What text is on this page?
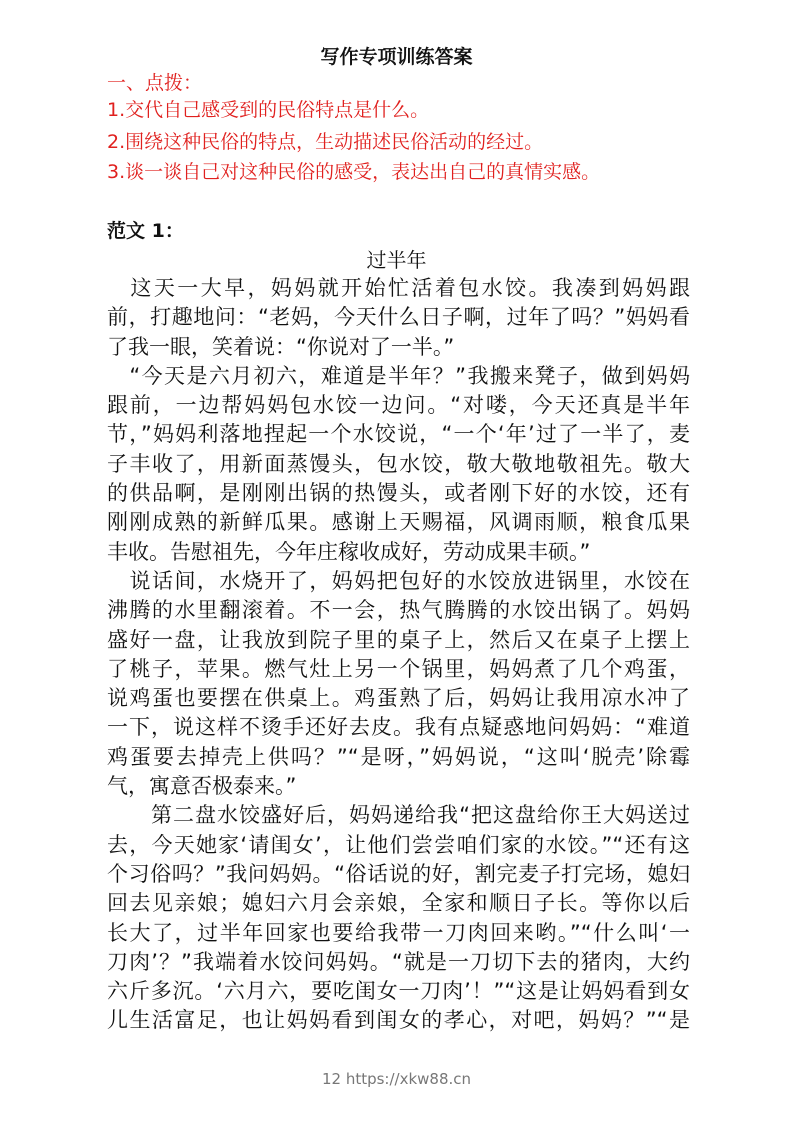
写作专项训练答案
一、点拨：
1.交代自己感受到的民俗特点是什么。
2.围绕这种民俗的特点，生动描述民俗活动的经过。
3.谈一谈自己对这种民俗的感受，表达出自己的真情实感。
范文 1：
过半年
　这天一大早，妈妈就开始忙活着包水饺。我凑到妈妈跟
前，打趣地问：“老妈，今天什么日子啊，过年了吗？”妈妈看
了我一眼，笑着说：“你说对了一半。”
　“今天是六月初六，难道是半年？”我搬来凳子，做到妈妈
跟前，一边帮妈妈包水饺一边问。“对喽，今天还真是半年
节，”妈妈利落地捏起一个水饺说，“一个‘年’过了一半了，麦
子丰收了，用新面蒸馒头，包水饺，敬大敬地敬祖先。敬大
的供品啊，是刚刚出锅的热馒头，或者刚下好的水饺，还有
刚刚成熟的新鲜瓜果。感谢上天赐福，风调雨顺，粮食瓜果
丰收。告慰祖先，今年庄稼收成好，劳动成果丰硕。”
　说话间，水烧开了，妈妈把包好的水饺放进锅里，水饺在
沸腾的水里翻滚着。不一会，热气腾腾的水饺出锅了。妈妈
盛好一盘，让我放到院子里的桌子上，然后又在桌子上摆上
了桃子，苹果。燃气灶上另一个锅里，妈妈煮了几个鸡蛋，
说鸡蛋也要摆在供桌上。鸡蛋熟了后，妈妈让我用凉水冲了
一下，说这样不烫手还好去皮。我有点疑惑地问妈妈：“难道
鸡蛋要去掉壳上供吗？”“是呀，”妈妈说，“这叫‘脱壳’除霉
气，寓意否极泰来。”
　　第二盘水饺盛好后，妈妈递给我“把这盘给你王大妈送过
去，今天她家‘请闺女’，让他们尝尝咱们家的水饺。”“还有这
个习俗吗？”我问妈妈。“俗话说的好，割完麦子打完场，媳妇
回去见亲娘；媳妇六月会亲娘，全家和顺日子长。等你以后
长大了，过半年回家也要给我带一刀肉回来哟。”“什么叫‘一
刀肉’？”我端着水饺问妈妈。“就是一刀切下去的猪肉，大约
六斤多沉。‘六月六，要吃闺女一刀肉’！”“这是让妈妈看到女
儿生活富足，也让妈妈看到闺女的孝心，对吧，妈妈？”“是
12 https://xkw88.cn
